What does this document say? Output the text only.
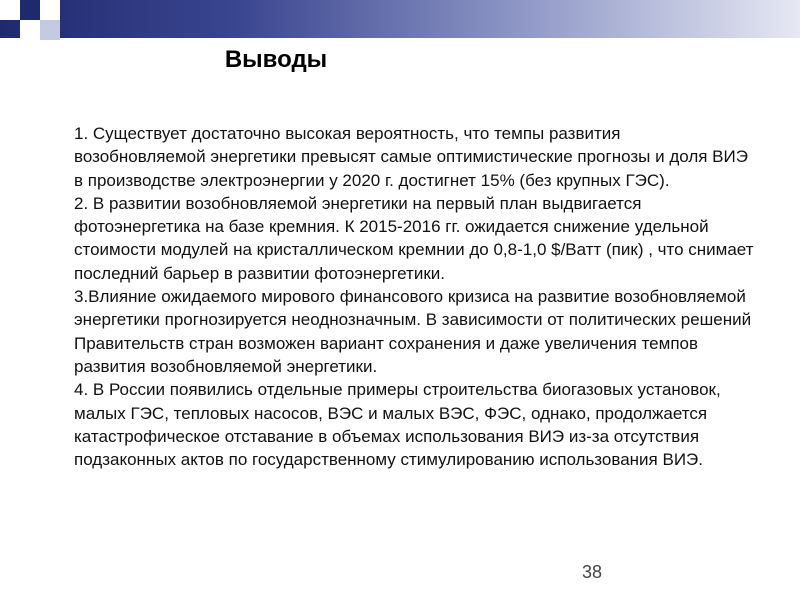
Выводы

1. Существует достаточно высокая вероятность, что темпы развития возобновляемой энергетики превысят самые оптимистические прогнозы и доля ВИЭ в производстве электроэнергии у 2020 г. достигнет 15% (без крупных ГЭС).

2. В развитии возобновляемой энергетики на первый план выдвигается фотоэнергетика на базе кремния. К 2015-2016 гг. ожидается снижение удельной стоимости модулей на кристаллическом кремнии до 0,8-1,0 $/Ватт (пик) , что снимает последний барьер в развитии фотоэнергетики.

3.Влияние ожидаемого мирового финансового кризиса на развитие возобновляемой энергетики прогнозируется неоднозначным. В зависимости от политических решений Правительств стран возможен вариант сохранения и даже увеличения темпов развития возобновляемой энергетики.

4. В России появились отдельные примеры строительства биогазовых установок, малых ГЭС, тепловых насосов, ВЭС и малых ВЭС, ФЭС, однако, продолжается катастрофическое отставание в объемах использования ВИЭ из-за отсутствия подзаконных актов по государственному стимулированию использования ВИЭ.

38
